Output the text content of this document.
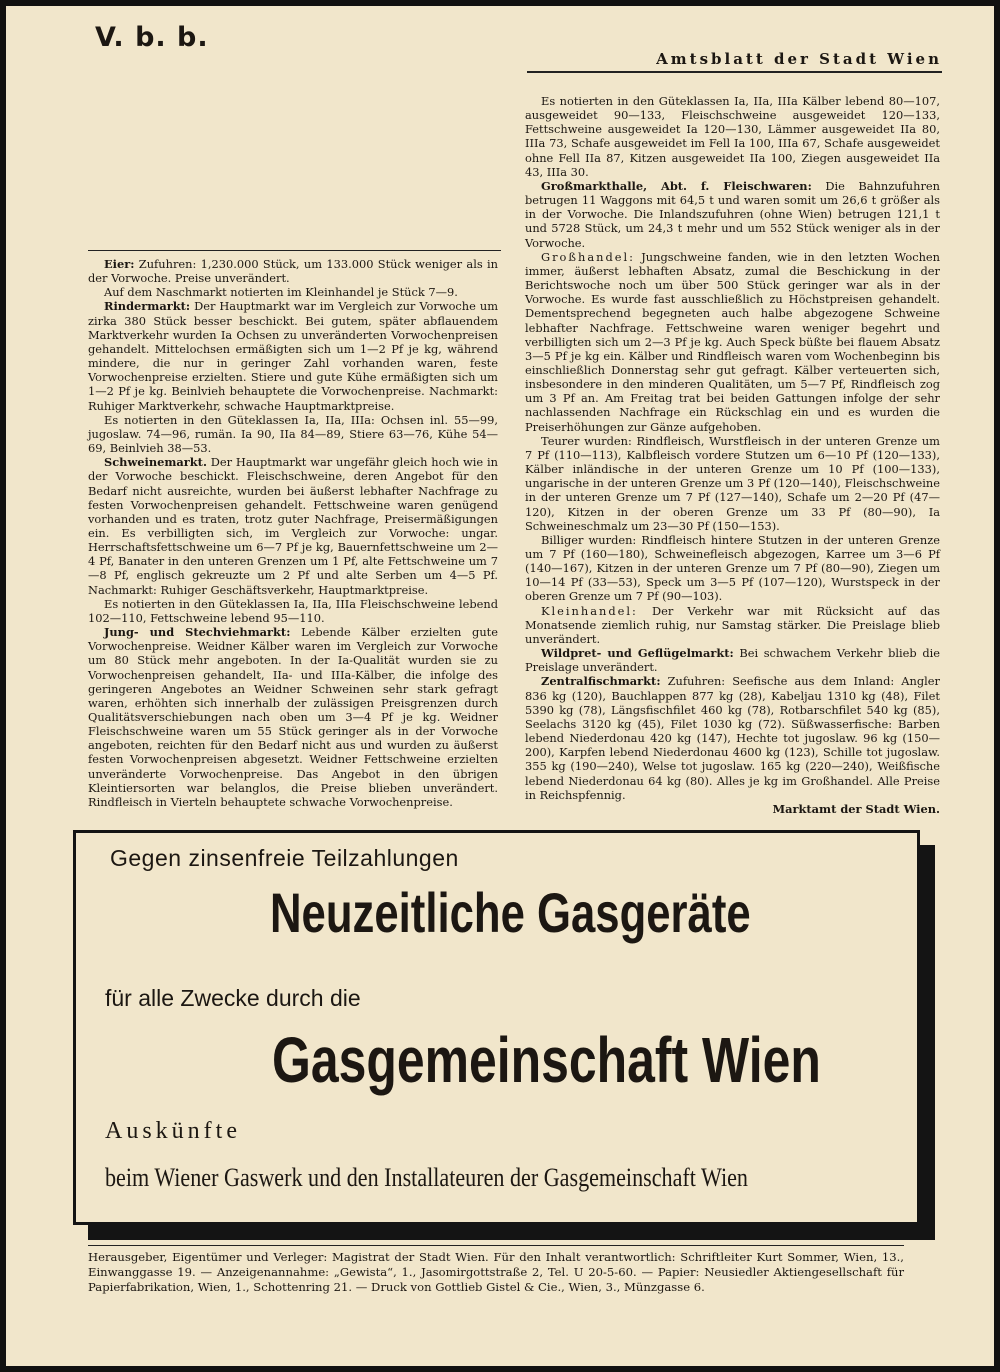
V. b. b.
Amtsblatt der Stadt Wien

Eier: Zufuhren: 1,230.000 Stück, um 133.000 Stück weniger als in der Vorwoche. Preise unverändert.

Auf dem Naschmarkt notierten im Kleinhandel je Stück 7—9.

Rindermarkt: Der Hauptmarkt war im Vergleich zur Vorwoche um zirka 380 Stück besser beschickt. Bei gutem, später abflauendem Marktverkehr wurden Ia Ochsen zu unveränderten Vorwochenpreisen gehandelt. Mittelochsen ermäßigten sich um 1—2 Pf je kg, während mindere, die nur in geringer Zahl vorhanden waren, feste Vorwochenpreise erzielten. Stiere und gute Kühe ermäßigten sich um 1—2 Pf je kg. Beinlvieh behauptete die Vorwochenpreise. Nachmarkt: Ruhiger Marktverkehr, schwache Hauptmarktpreise.

Es notierten in den Güteklassen Ia, IIa, IIIa: Ochsen inl. 55—99, jugoslaw. 74—96, rumän. Ia 90, IIa 84—89, Stiere 63—76, Kühe 54—69, Beinlvieh 38—53.

Schweinemarkt. Der Hauptmarkt war ungefähr gleich hoch wie in der Vorwoche beschickt. Fleischschweine, deren Angebot für den Bedarf nicht ausreichte, wurden bei äußerst lebhafter Nachfrage zu festen Vorwochenpreisen gehandelt. Fettschweine waren genügend vorhanden und es traten, trotz guter Nachfrage, Preisermäßigungen ein. Es verbilligten sich, im Vergleich zur Vorwoche: ungar. Herrschaftsfettschweine um 6—7 Pf je kg, Bauernfettschweine um 2—4 Pf, Banater in den unteren Grenzen um 1 Pf, alte Fettschweine um 7—8 Pf, englisch gekreuzte um 2 Pf und alte Serben um 4—5 Pf. Nachmarkt: Ruhiger Geschäftsverkehr, Hauptmarktpreise.

Es notierten in den Güteklassen Ia, IIa, IIIa Fleischschweine lebend 102—110, Fettschweine lebend 95—110.

Jung- und Stechviehmarkt: Lebende Kälber erzielten gute Vorwochenpreise. Weidner Kälber waren im Vergleich zur Vorwoche um 80 Stück mehr angeboten. In der Ia-Qualität wurden sie zu Vorwochenpreisen gehandelt, IIa- und IIIa-Kälber, die infolge des geringeren Angebotes an Weidner Schweinen sehr stark gefragt waren, erhöhten sich innerhalb der zulässigen Preisgrenzen durch Qualitätsverschiebungen nach oben um 3—4 Pf je kg. Weidner Fleischschweine waren um 55 Stück geringer als in der Vorwoche angeboten, reichten für den Bedarf nicht aus und wurden zu äußerst festen Vorwochenpreisen abgesetzt. Weidner Fettschweine erzielten unveränderte Vorwochenpreise. Das Angebot in den übrigen Kleintiersorten war belanglos, die Preise blieben unverändert. Rindfleisch in Vierteln behauptete schwache Vorwochenpreise.

Es notierten in den Güteklassen Ia, IIa, IIIa Kälber lebend 80—107, ausgeweidet 90—133, Fleischschweine ausgeweidet 120—133, Fettschweine ausgeweidet Ia 120—130, Lämmer ausgeweidet IIa 80, IIIa 73, Schafe ausgeweidet im Fell Ia 100, IIIa 67, Schafe ausgeweidet ohne Fell IIa 87, Kitzen ausgeweidet IIa 100, Ziegen ausgeweidet IIa 43, IIIa 30.

Großmarkthalle, Abt. f. Fleischwaren: Die Bahnzufuhren betrugen 11 Waggons mit 64,5 t und waren somit um 26,6 t größer als in der Vorwoche. Die Inlandszufuhren (ohne Wien) betrugen 121,1 t und 5728 Stück, um 24,3 t mehr und um 552 Stück weniger als in der Vorwoche.

Großhandel: Jungschweine fanden, wie in den letzten Wochen immer, äußerst lebhaften Absatz, zumal die Beschickung in der Berichtswoche noch um über 500 Stück geringer war als in der Vorwoche. Es wurde fast ausschließlich zu Höchstpreisen gehandelt. Dementsprechend begegneten auch halbe abgezogene Schweine lebhafter Nachfrage. Fettschweine waren weniger begehrt und verbilligten sich um 2—3 Pf je kg. Auch Speck büßte bei flauem Absatz 3—5 Pf je kg ein. Kälber und Rindfleisch waren vom Wochenbeginn bis einschließlich Donnerstag sehr gut gefragt. Kälber verteuerten sich, insbesondere in den minderen Qualitäten, um 5—7 Pf, Rindfleisch zog um 3 Pf an. Am Freitag trat bei beiden Gattungen infolge der sehr nachlassenden Nachfrage ein Rückschlag ein und es wurden die Preiserhöhungen zur Gänze aufgehoben.

Teurer wurden: Rindfleisch, Wurstfleisch in der unteren Grenze um 7 Pf (110—113), Kalbfleisch vordere Stutzen um 6—10 Pf (120—133), Kälber inländische in der unteren Grenze um 10 Pf (100—133), ungarische in der unteren Grenze um 3 Pf (120—140), Fleischschweine in der unteren Grenze um 7 Pf (127—140), Schafe um 2—20 Pf (47—120), Kitzen in der oberen Grenze um 33 Pf (80—90), Ia Schweineschmalz um 23—30 Pf (150—153).

Billiger wurden: Rindfleisch hintere Stutzen in der unteren Grenze um 7 Pf (160—180), Schweinefleisch abgezogen, Karree um 3—6 Pf (140—167), Kitzen in der unteren Grenze um 7 Pf (80—90), Ziegen um 10—14 Pf (33—53), Speck um 3—5 Pf (107—120), Wurstspeck in der oberen Grenze um 7 Pf (90—103).

Kleinhandel: Der Verkehr war mit Rücksicht auf das Monatsende ziemlich ruhig, nur Samstag stärker. Die Preislage blieb unverändert.

Wildpret- und Geflügelmarkt: Bei schwachem Verkehr blieb die Preislage unverändert.

Zentralfischmarkt: Zufuhren: Seefische aus dem Inland: Angler 836 kg (120), Bauchlappen 877 kg (28), Kabeljau 1310 kg (48), Filet 5390 kg (78), Längsfischfilet 460 kg (78), Rotbarschfilet 540 kg (85), Seelachs 3120 kg (45), Filet 1030 kg (72). Süßwasserfische: Barben lebend Niederdonau 420 kg (147), Hechte tot jugoslaw. 96 kg (150—200), Karpfen lebend Niederdonau 4600 kg (123), Schille tot jugoslaw. 355 kg (190—240), Welse tot jugoslaw. 165 kg (220—240), Weißfische lebend Niederdonau 64 kg (80). Alles je kg im Großhandel. Alle Preise in Reichspfennig.

Marktamt der Stadt Wien.

Gegen zinsenfreie Teilzahlungen
Neuzeitliche Gasgeräte
für alle Zwecke durch die
Gasgemeinschaft Wien
Auskünfte
beim Wiener Gaswerk und den Installateuren der Gasgemeinschaft Wien
Herausgeber, Eigentümer und Verleger: Magistrat der Stadt Wien. Für den Inhalt verantwortlich: Schriftleiter Kurt Sommer, Wien, 13., Einwanggasse 19. — Anzeigenannahme: „Gewista“, 1., Jasomirgottstraße 2, Tel. U 20-5-60. — Papier: Neusiedler Aktiengesellschaft für Papierfabrikation, Wien, 1., Schottenring 21. — Druck von Gottlieb Gistel & Cie., Wien, 3., Münzgasse 6.
